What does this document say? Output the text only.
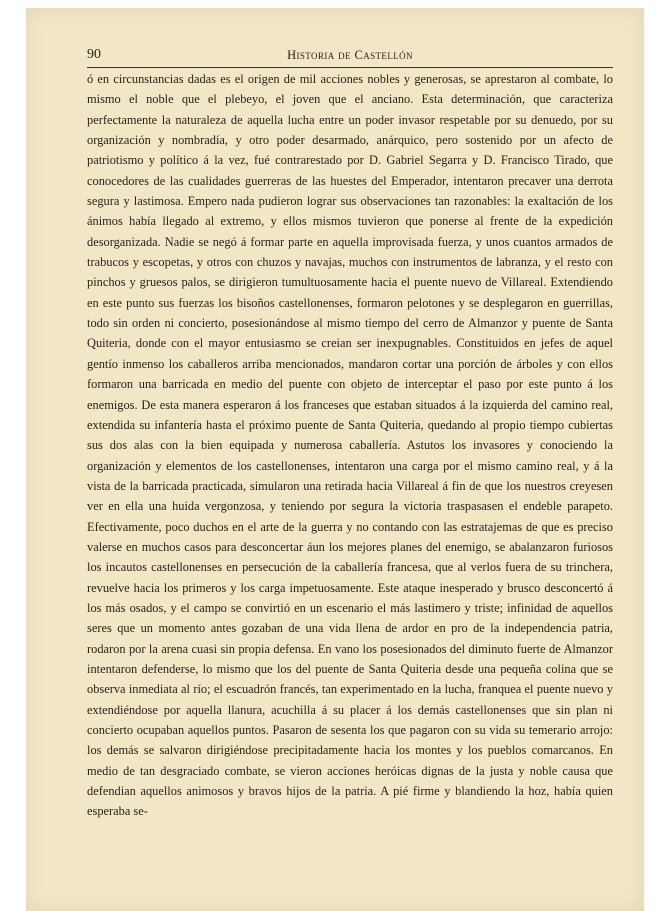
90	Historia de Castellón

ó en circunstancias dadas es el origen de mil acciones nobles y generosas, se aprestaron al combate, lo mismo el noble que el plebeyo, el joven que el anciano. Esta determinación, que caracteriza perfectamente la naturaleza de aquella lucha entre un poder invasor respetable por su denuedo, por su organización y nombradía, y otro poder desarmado, anárquico, pero sostenido por un afecto de patriotismo y político á la vez, fué contrarestado por D. Gabriel Segarra y D. Francisco Tirado, que conocedores de las cualidades guerreras de las huestes del Emperador, intentaron precaver una derrota segura y lastimosa. Empero nada pudieron lograr sus observaciones tan razonables: la exaltación de los ánimos había llegado al extremo, y ellos mismos tuvieron que ponerse al frente de la expedición desorganizada. Nadie se negó á formar parte en aquella improvisada fuerza, y unos cuantos armados de trabucos y escopetas, y otros con chuzos y navajas, muchos con instrumentos de labranza, y el resto con pinchos y gruesos palos, se dirigieron tumultuosamente hacia el puente nuevo de Villareal. Extendiendo en este punto sus fuerzas los bisoños castellonenses, formaron pelotones y se desplegaron en guerrillas, todo sin orden ni concierto, posesionándose al mismo tiempo del cerro de Almanzor y puente de Santa Quiteria, donde con el mayor entusiasmo se creian ser inexpugnables. Constituidos en jefes de aquel gentío inmenso los caballeros arriba mencionados, mandaron cortar una porción de árboles y con ellos formaron una barricada en medio del puente con objeto de interceptar el paso por este punto á los enemigos. De esta manera esperaron á los franceses que estaban situados á la izquierda del camino real, extendida su infantería hasta el próximo puente de Santa Quiteria, quedando al propio tiempo cubiertas sus dos alas con la bien equipada y numerosa caballería. Astutos los invasores y conociendo la organización y elementos de los castellonenses, intentaron una carga por el mismo camino real, y á la vista de la barricada practicada, simularon una retirada hacia Villareal á fin de que los nuestros creyesen ver en ella una huida vergonzosa, y teniendo por segura la victoria traspasasen el endeble parapeto. Efectivamente, poco duchos en el arte de la guerra y no contando con las estratajemas de que es preciso valerse en muchos casos para desconcertar áun los mejores planes del enemigo, se abalanzaron furiosos los incautos castellonenses en persecución de la caballería francesa, que al verlos fuera de su trinchera, revuelve hacia los primeros y los carga impetuosamente. Este ataque inesperado y brusco desconcertó á los más osados, y el campo se convirtió en un escenario el más lastimero y triste; infinidad de aquellos seres que un momento antes gozaban de una vida llena de ardor en pro de la independencia patria, rodaron por la arena cuasi sin propia defensa. En vano los posesionados del diminuto fuerte de Almanzor intentaron defenderse, lo mismo que los del puente de Santa Quiteria desde una pequeña colina que se observa inmediata al río; el escuadrón francés, tan experimentado en la lucha, franquea el puente nuevo y extendiéndose por aquella llanura, acuchilla á su placer á los demás castellonenses que sin plan ni concierto ocupaban aquellos puntos. Pasaron de sesenta los que pagaron con su vida su temerario arrojo: los demás se salvaron dirigiéndose precipitadamente hacia los montes y los pueblos comarcanos. En medio de tan desgraciado combate, se vieron acciones heróicas dignas de la justa y noble causa que defendian aquellos animosos y bravos hijos de la patria. A pié firme y blandiendo la hoz, había quien esperaba se-
